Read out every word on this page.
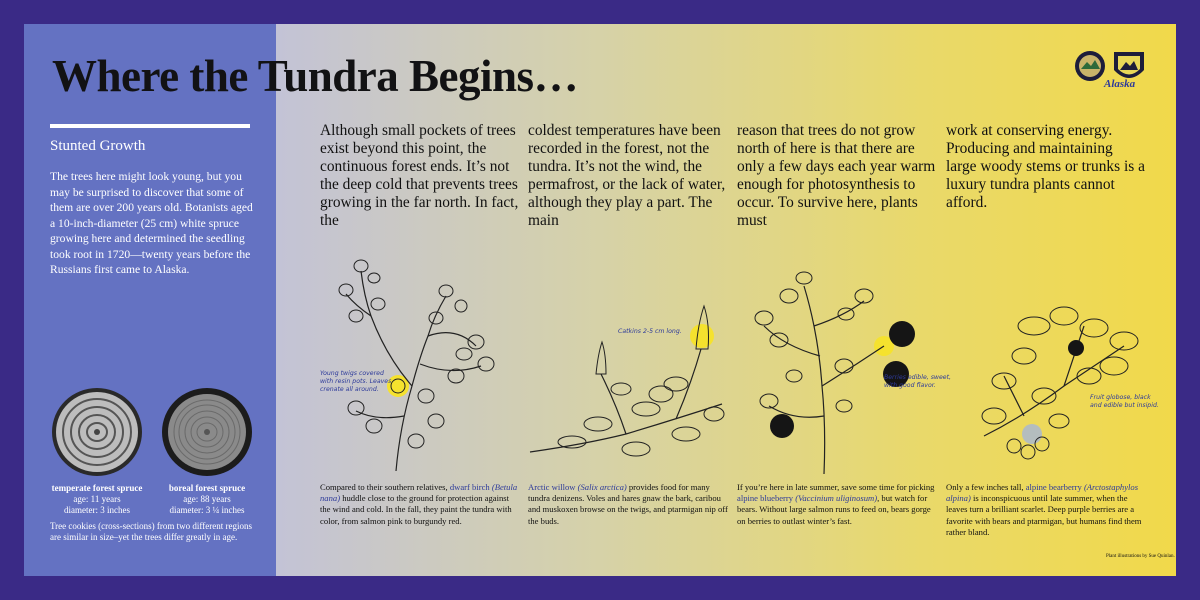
Where the Tundra Begins…
Stunted Growth
The trees here might look young, but you may be surprised to discover that some of them are over 200 years old. Botanists aged a 10-inch-diameter (25 cm) white spruce growing here and determined the seedling took root in 1720—twenty years before the Russians first came to Alaska.
temperate forest spruce
age: 11 years
diameter: 3 inches
boreal forest spruce
age: 88 years
diameter: 3 ¼ inches
Tree cookies (cross-sections) from two different regions are similar in size–yet the trees differ greatly in age.
Alaska
Although small pockets of trees exist beyond this point, the continuous forest ends. It’s not the deep cold that prevents trees growing in the far north. In fact, the
coldest temperatures have been recorded in the forest, not the tundra. It’s not the wind, the permafrost, or the lack of water, although they play a part. The main
reason that trees do not grow north of here is that there are only a few days each year warm enough for photosynthesis to occur. To survive here, plants must
work at conserving energy. Producing and maintaining large woody stems or trunks is a luxury tundra plants cannot afford.
Young twigs covered with resin pots. Leaves crenate all around.
Catkins 2-5 cm long.
Berries edible, sweet, with good flavor.
Fruit globose, black and edible but insipid.
Compared to their southern relatives, dwarf birch (Betula nana) huddle close to the ground for protection against the wind and cold. In the fall, they paint the tundra with color, from salmon pink to burgundy red.
Arctic willow (Salix arctica) provides food for many tundra denizens. Voles and hares gnaw the bark, caribou and muskoxen browse on the twigs, and ptarmigan nip off the buds.
If you’re here in late summer, save some time for picking alpine blueberry (Vaccinium uliginosum), but watch for bears. Without large salmon runs to feed on, bears gorge on berries to outlast winter’s fast.
Only a few inches tall, alpine bearberry (Arctostaphylos alpina) is inconspicuous until late summer, when the leaves turn a brilliant scarlet. Deep purple berries are a favorite with bears and ptarmigan, but humans find them rather bland.
Plant illustrations by Sue Quinlan.
